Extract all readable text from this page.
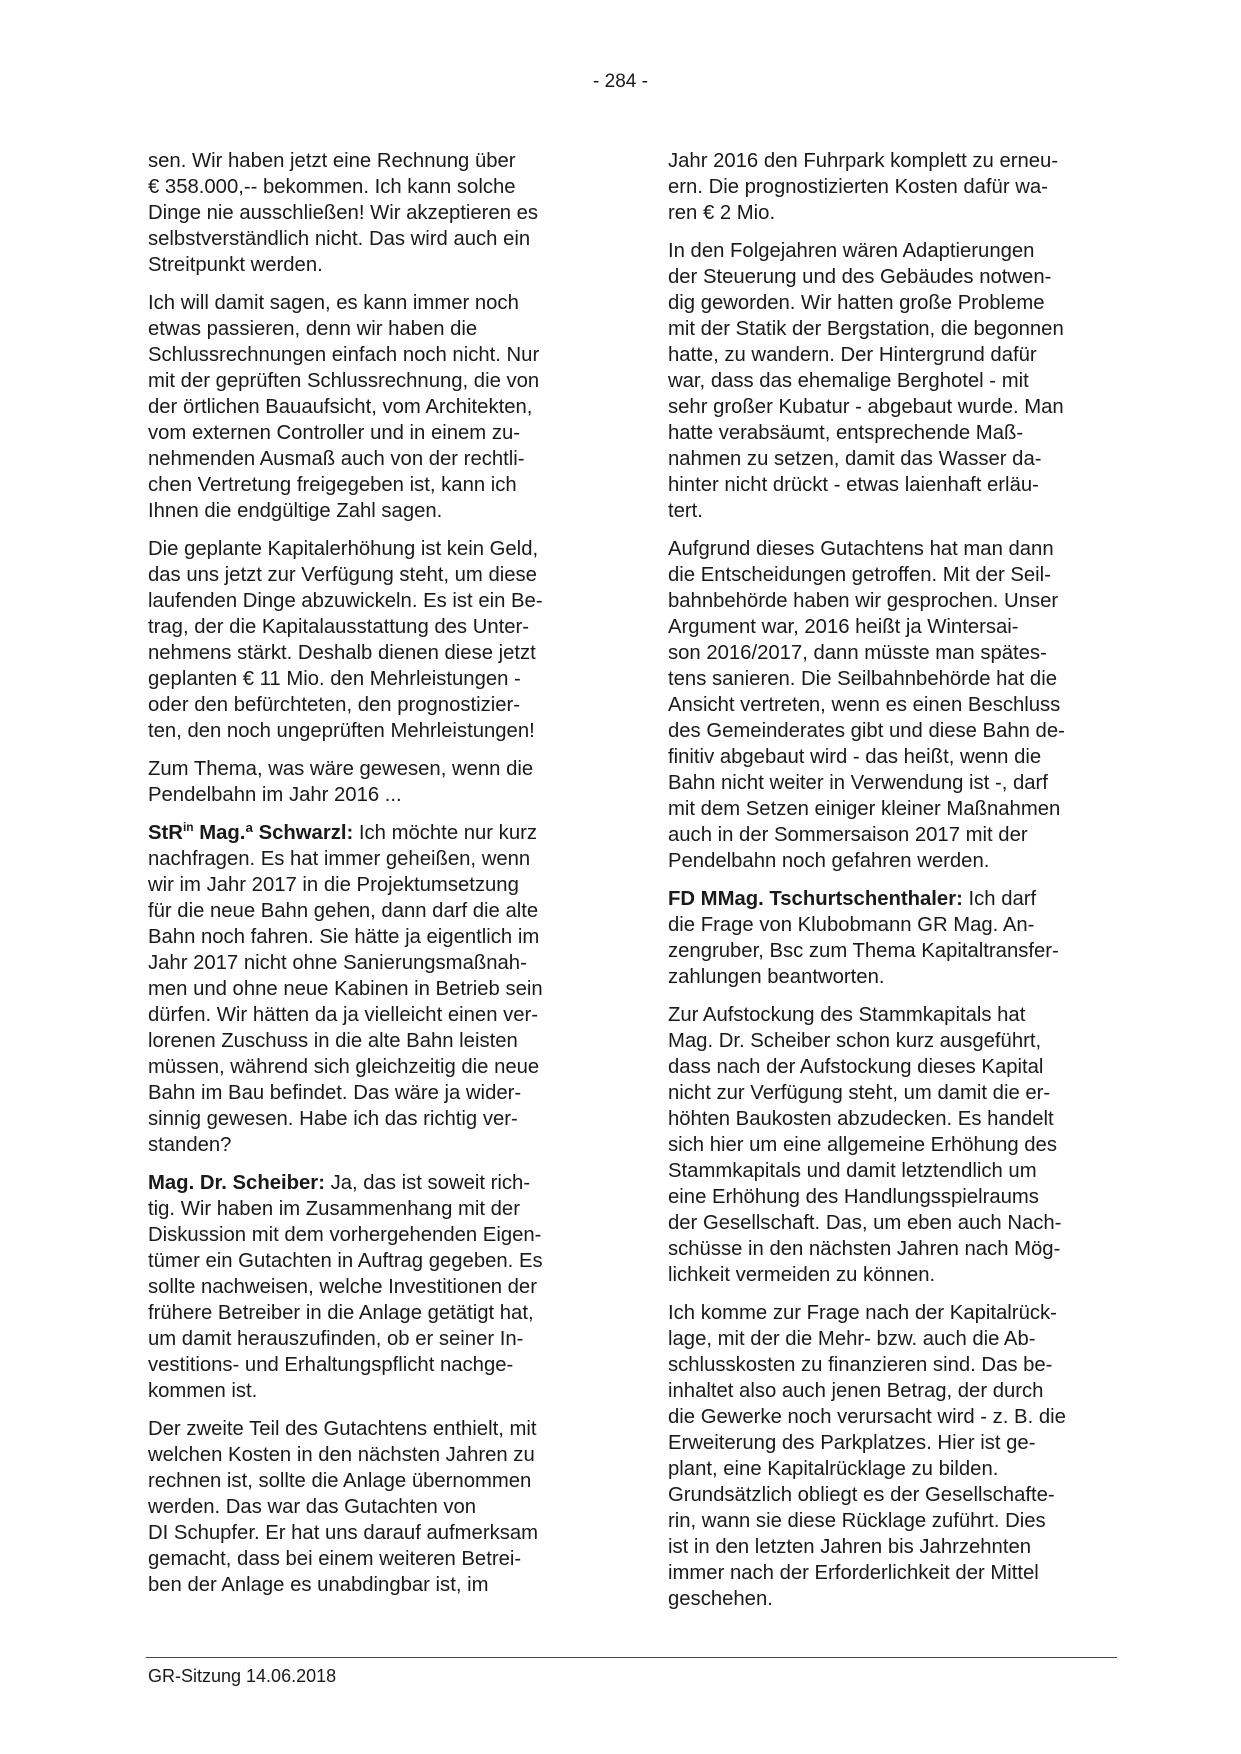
- 284 -

sen. Wir haben jetzt eine Rechnung über
€ 358.000,-- bekommen. Ich kann solche
Dinge nie ausschließen! Wir akzeptieren es
selbstverständlich nicht. Das wird auch ein
Streitpunkt werden.

Ich will damit sagen, es kann immer noch
etwas passieren, denn wir haben die
Schlussrechnungen einfach noch nicht. Nur
mit der geprüften Schlussrechnung, die von
der örtlichen Bauaufsicht, vom Architekten,
vom externen Controller und in einem zu-
nehmenden Ausmaß auch von der rechtli-
chen Vertretung freigegeben ist, kann ich
Ihnen die endgültige Zahl sagen.

Die geplante Kapitalerhöhung ist kein Geld,
das uns jetzt zur Verfügung steht, um diese
laufenden Dinge abzuwickeln. Es ist ein Be-
trag, der die Kapitalausstattung des Unter-
nehmens stärkt. Deshalb dienen diese jetzt
geplanten € 11 Mio. den Mehrleistungen -
oder den befürchteten, den prognostizier-
ten, den noch ungeprüften Mehrleistungen!

Zum Thema, was wäre gewesen, wenn die
Pendelbahn im Jahr 2016 ...

StR$^{in}$ Mag.ª Schwarzl: Ich möchte nur kurz
nachfragen. Es hat immer geheißen, wenn
wir im Jahr 2017 in die Projektumsetzung
für die neue Bahn gehen, dann darf die alte
Bahn noch fahren. Sie hätte ja eigentlich im
Jahr 2017 nicht ohne Sanierungsmaßnah-
men und ohne neue Kabinen in Betrieb sein
dürfen. Wir hätten da ja vielleicht einen ver-
lorenen Zuschuss in die alte Bahn leisten
müssen, während sich gleichzeitig die neue
Bahn im Bau befindet. Das wäre ja wider-
sinnig gewesen. Habe ich das richtig ver-
standen?

Mag. Dr. Scheiber: Ja, das ist soweit rich-
tig. Wir haben im Zusammenhang mit der
Diskussion mit dem vorhergehenden Eigen-
tümer ein Gutachten in Auftrag gegeben. Es
sollte nachweisen, welche Investitionen der
frühere Betreiber in die Anlage getätigt hat,
um damit herauszufinden, ob er seiner In-
vestitions- und Erhaltungspflicht nachge-
kommen ist.

Der zweite Teil des Gutachtens enthielt, mit
welchen Kosten in den nächsten Jahren zu
rechnen ist, sollte die Anlage übernommen
werden. Das war das Gutachten von
DI Schupfer. Er hat uns darauf aufmerksam
gemacht, dass bei einem weiteren Betrei-
ben der Anlage es unabdingbar ist, im

Jahr 2016 den Fuhrpark komplett zu erneu-
ern. Die prognostizierten Kosten dafür wa-
ren € 2 Mio.

In den Folgejahren wären Adaptierungen
der Steuerung und des Gebäudes notwen-
dig geworden. Wir hatten große Probleme
mit der Statik der Bergstation, die begonnen
hatte, zu wandern. Der Hintergrund dafür
war, dass das ehemalige Berghotel - mit
sehr großer Kubatur - abgebaut wurde. Man
hatte verabsäumt, entsprechende Maß-
nahmen zu setzen, damit das Wasser da-
hinter nicht drückt - etwas laienhaft erläu-
tert.

Aufgrund dieses Gutachtens hat man dann
die Entscheidungen getroffen. Mit der Seil-
bahnbehörde haben wir gesprochen. Unser
Argument war, 2016 heißt ja Wintersai-
son 2016/2017, dann müsste man spätes-
tens sanieren. Die Seilbahnbehörde hat die
Ansicht vertreten, wenn es einen Beschluss
des Gemeinderates gibt und diese Bahn de-
finitiv abgebaut wird - das heißt, wenn die
Bahn nicht weiter in Verwendung ist -, darf
mit dem Setzen einiger kleiner Maßnahmen
auch in der Sommersaison 2017 mit der
Pendelbahn noch gefahren werden.

FD MMag. Tschurtschenthaler: Ich darf
die Frage von Klubobmann GR Mag. An-
zengruber, Bsc zum Thema Kapitaltransfer-
zahlungen beantworten.

Zur Aufstockung des Stammkapitals hat
Mag. Dr. Scheiber schon kurz ausgeführt,
dass nach der Aufstockung dieses Kapital
nicht zur Verfügung steht, um damit die er-
höhten Baukosten abzudecken. Es handelt
sich hier um eine allgemeine Erhöhung des
Stammkapitals und damit letztendlich um
eine Erhöhung des Handlungsspielraums
der Gesellschaft. Das, um eben auch Nach-
schüsse in den nächsten Jahren nach Mög-
lichkeit vermeiden zu können.

Ich komme zur Frage nach der Kapitalrück-
lage, mit der die Mehr- bzw. auch die Ab-
schlusskosten zu finanzieren sind. Das be-
inhaltet also auch jenen Betrag, der durch
die Gewerke noch verursacht wird - z. B. die
Erweiterung des Parkplatzes. Hier ist ge-
plant, eine Kapitalrücklage zu bilden.
Grundsätzlich obliegt es der Gesellschafte-
rin, wann sie diese Rücklage zuführt. Dies
ist in den letzten Jahren bis Jahrzehnten
immer nach der Erforderlichkeit der Mittel
geschehen.

GR-Sitzung 14.06.2018
